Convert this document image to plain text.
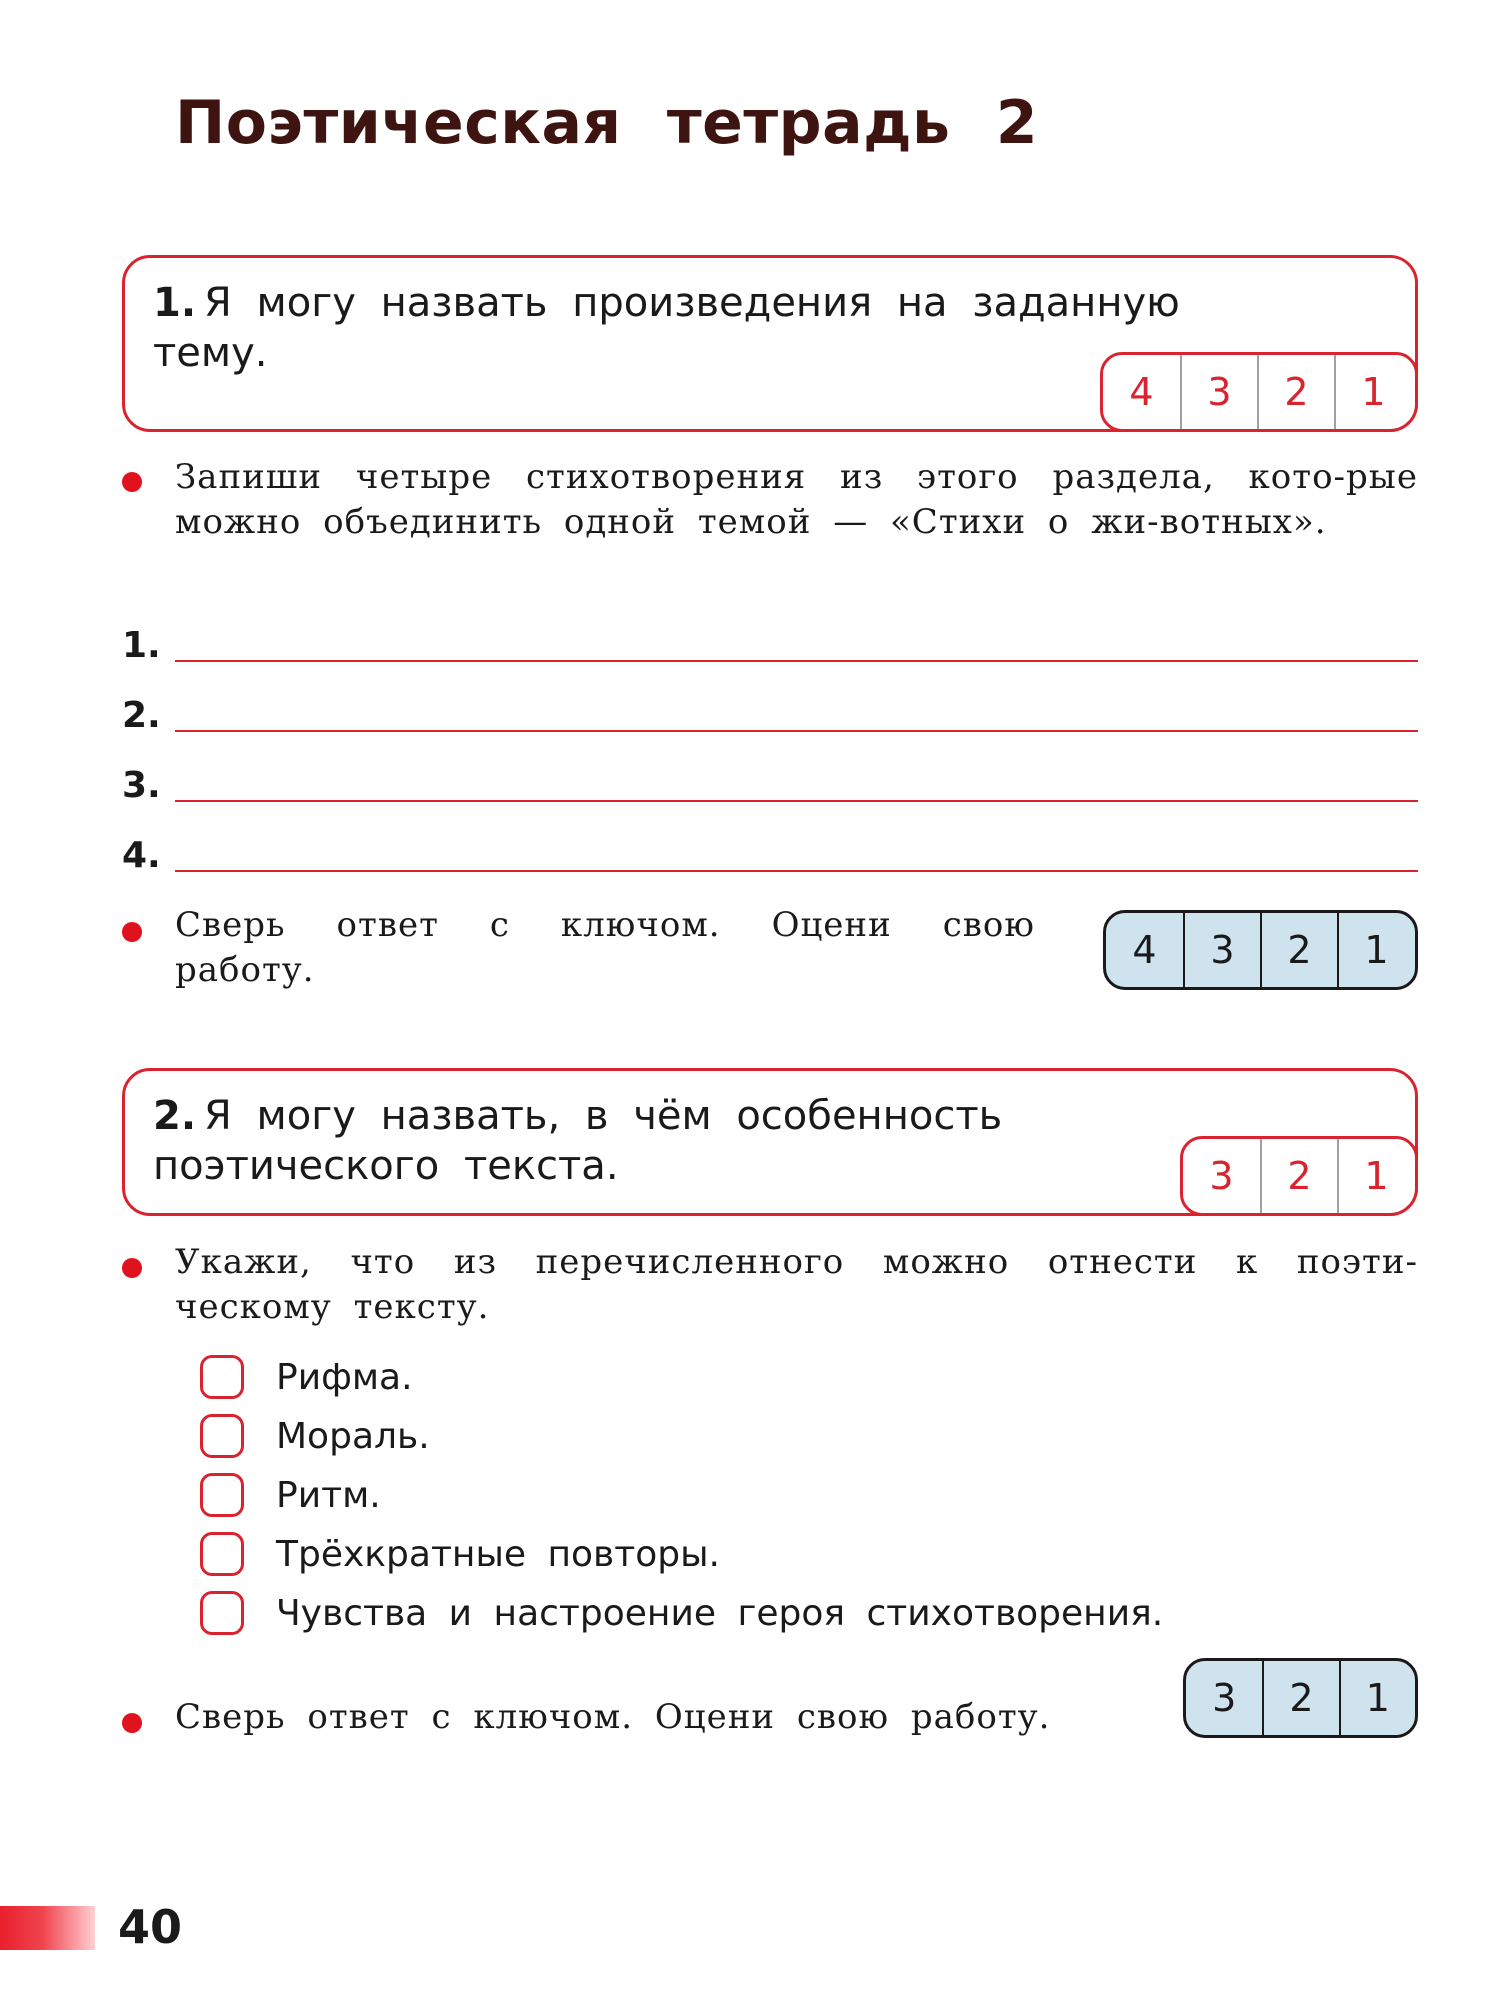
Поэтическая тетрадь 2
1. Я могу назвать произведения на заданную тему.
4	3	2	1
Запиши четыре стихотворения из этого раздела, кото-рые можно объединить одной темой — «Стихи о жи-вотных».
1.
2.
3.
4.
Сверь ответ с ключом. Оцени свою работу.	4	3	2	1
2. Я могу назвать, в чём особенность поэтического текста.	3	2	1
Укажи, что из перечисленного можно отнести к поэти-ческому тексту.
Рифма.
Мораль.
Ритм.
Трёхкратные повторы.
Чувства и настроение героя стихотворения.
Сверь ответ с ключом. Оцени свою работу.	3	2	1
40
